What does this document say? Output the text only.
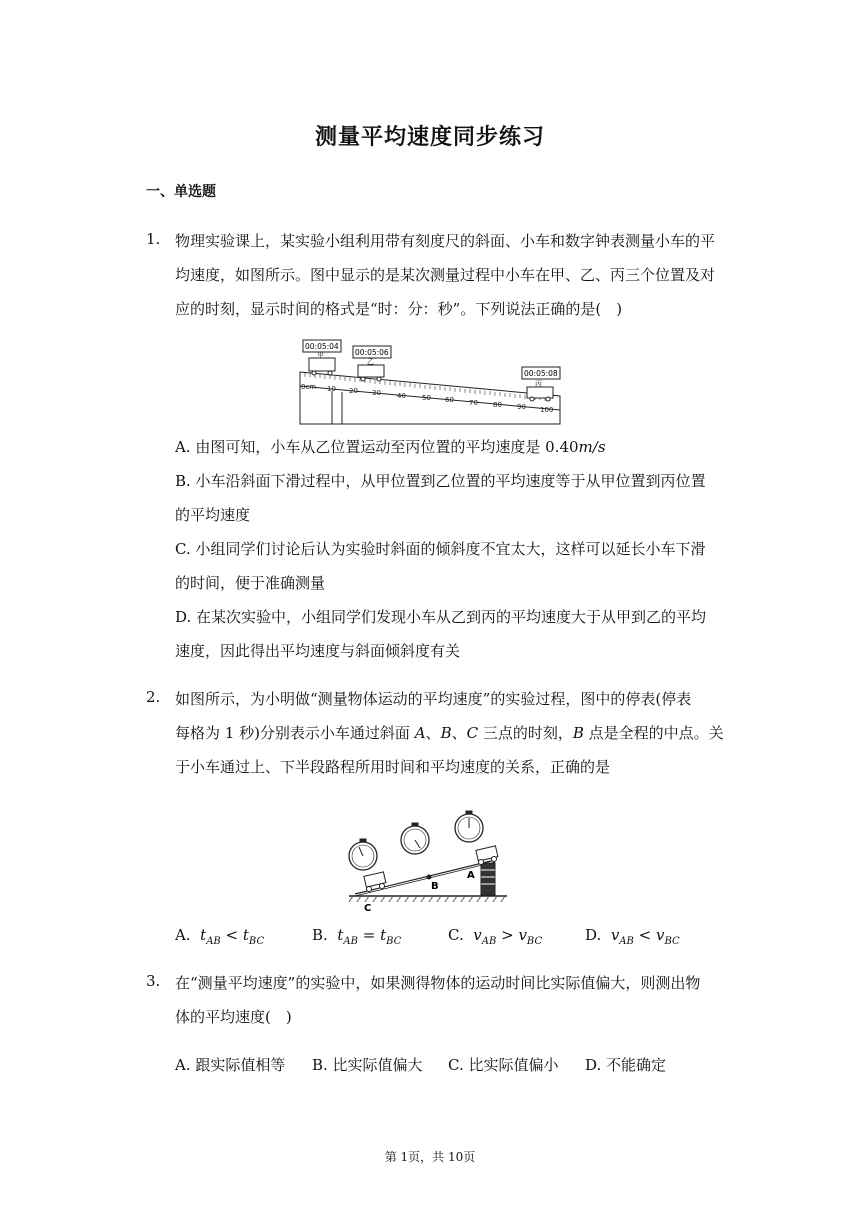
测量平均速度同步练习
一、单选题
1. 物理实验课上，某实验小组利用带有刻度尺的斜面、小车和数字钟表测量小车的平
均速度，如图所示。图中显示的是某次测量过程中小车在甲、乙、丙三个位置及对
应的时刻，显示时间的格式是“时：分：秒”。下列说法正确的是(　)
0cm 10 20 30 40 50 60 70 80 90 100
00:05:04
00:05:06
00:05:08
甲
乙
丙
A. 由图可知，小车从乙位置运动至丙位置的平均速度是 0.40m/s
B. 小车沿斜面下滑过程中，从甲位置到乙位置的平均速度等于从甲位置到丙位置
的平均速度
C. 小组同学们讨论后认为实验时斜面的倾斜度不宜太大，这样可以延长小车下滑
的时间，便于准确测量
D. 在某次实验中，小组同学们发现小车从乙到丙的平均速度大于从甲到乙的平均
速度，因此得出平均速度与斜面倾斜度有关
2. 如图所示，为小明做“测量物体运动的平均速度”的实验过程，图中的停表(停表
每格为 1 秒)分别表示小车通过斜面 A、B、C 三点的时刻，B 点是全程的中点。关
于小车通过上、下半段路程所用时间和平均速度的关系，正确的是
B
A
C
A. $t_{AB} < t_{BC}$	B. $t_{AB} = t_{BC}$	C. $v_{AB} > v_{BC}$	D. $v_{AB} < v_{BC}$
3. 在“测量平均速度”的实验中，如果测得物体的运动时间比实际值偏大，则测出物
体的平均速度(　)
A. 跟实际值相等 B. 比实际值偏大 C. 比实际值偏小 D. 不能确定
第 1页，共 10页
